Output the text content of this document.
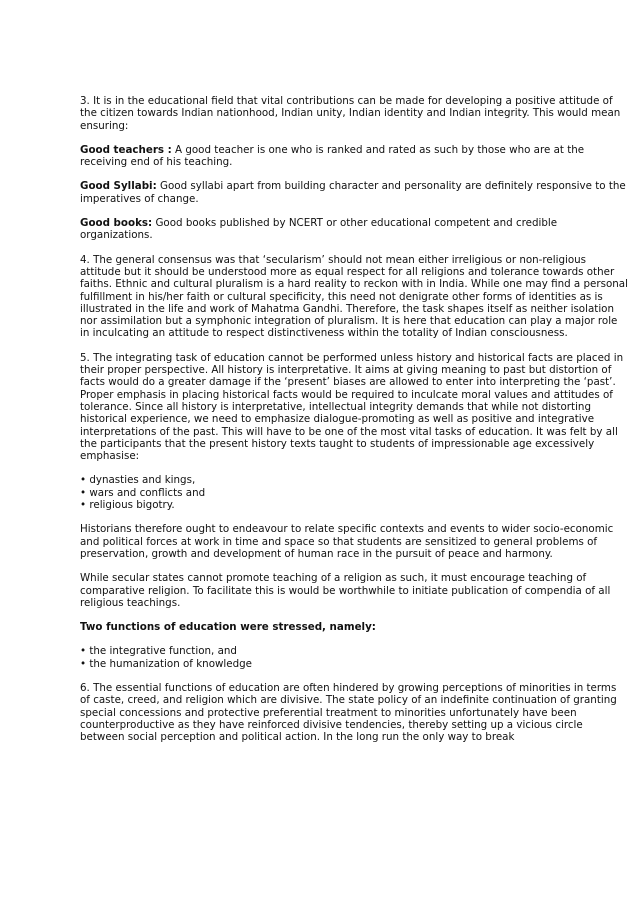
3. It is in the educational field that vital contributions can be made for developing a positive attitude of the citizen towards Indian nationhood, Indian unity, Indian identity and Indian integrity. This would mean ensuring:

Good teachers : A good teacher is one who is ranked and rated as such by those who are at the receiving end of his teaching.

Good Syllabi: Good syllabi apart from building character and personality are definitely responsive to the imperatives of change.

Good books: Good books published by NCERT or other educational competent and credible organizations.

4. The general consensus was that ‘secularism’ should not mean either irreligious or non-religious attitude but it should be understood more as equal respect for all religions and tolerance towards other faiths. Ethnic and cultural pluralism is a hard reality to reckon with in India. While one may find a personal fulfillment in his/her faith or cultural specificity, this need not denigrate other forms of identities as is illustrated in the life and work of Mahatma Gandhi. Therefore, the task shapes itself as neither isolation nor assimilation but a symphonic integration of pluralism. It is here that education can play a major role in inculcating an attitude to respect distinctiveness within the totality of Indian consciousness.

5. The integrating task of education cannot be performed unless history and historical facts are placed in their proper perspective. All history is interpretative. It aims at giving meaning to past but distortion of facts would do a greater damage if the ‘present’ biases are allowed to enter into interpreting the ‘past’. Proper emphasis in placing historical facts would be required to inculcate moral values and attitudes of tolerance. Since all history is interpretative, intellectual integrity demands that while not distorting historical experience, we need to emphasize dialogue-promoting as well as positive and integrative interpretations of the past. This will have to be one of the most vital tasks of education. It was felt by all the participants that the present history texts taught to students of impressionable age excessively emphasise:

• dynasties and kings,
• wars and conflicts and
• religious bigotry.

Historians therefore ought to endeavour to relate specific contexts and events to wider socio-economic and political forces at work in time and space so that students are sensitized to general problems of preservation, growth and development of human race in the pursuit of peace and harmony.

While secular states cannot promote teaching of a religion as such, it must encourage teaching of comparative religion. To facilitate this is would be worthwhile to initiate publication of compendia of all religious teachings.

Two functions of education were stressed, namely:

• the integrative function, and
• the humanization of knowledge

6. The essential functions of education are often hindered by growing perceptions of minorities in terms of caste, creed, and religion which are divisive. The state policy of an indefinite continuation of granting special concessions and protective preferential treatment to minorities unfortunately have been counterproductive as they have reinforced divisive tendencies, thereby setting up a vicious circle between social perception and political action. In the long run the only way to break
